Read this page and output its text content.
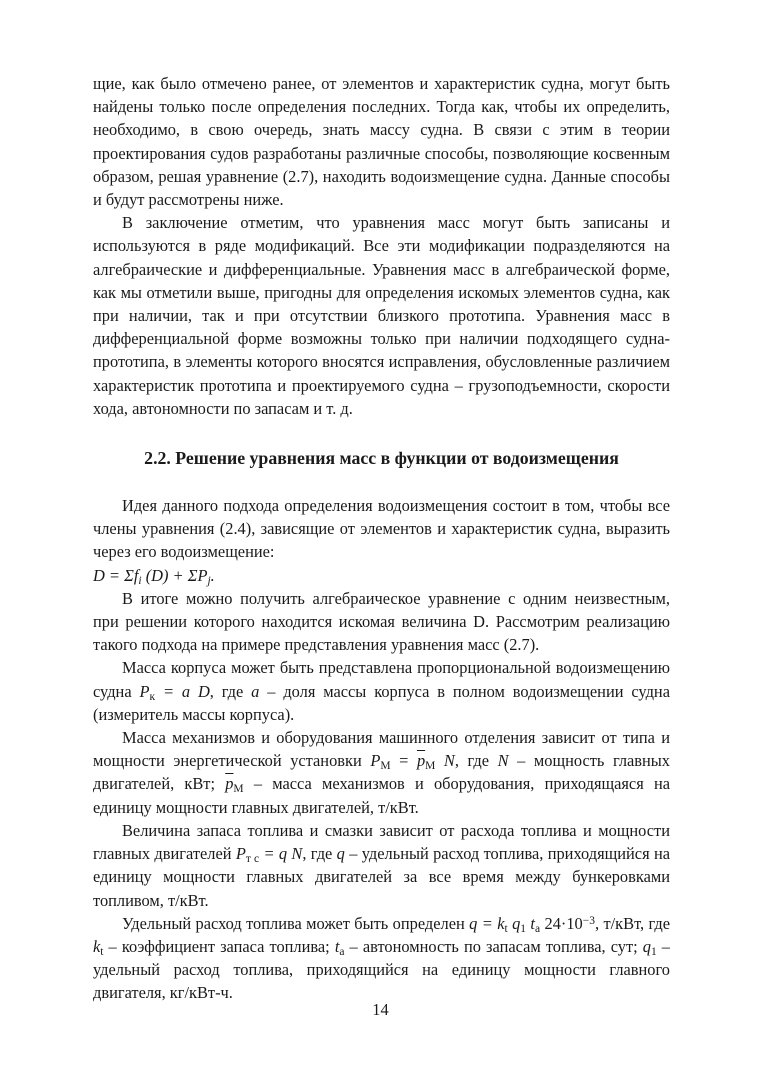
щие, как было отмечено ранее, от элементов и характеристик судна, могут быть найдены только после определения последних. Тогда как, чтобы их определить, необходимо, в свою очередь, знать массу судна. В связи с этим в теории проектирования судов разработаны различные способы, позволяющие косвенным образом, решая уравнение (2.7), находить водоизмещение судна. Данные способы и будут рассмотрены ниже.

В заключение отметим, что уравнения масс могут быть записаны и используются в ряде модификаций. Все эти модификации подразделяются на алгебраические и дифференциальные. Уравнения масс в алгебраической форме, как мы отметили выше, пригодны для определения искомых элементов судна, как при наличии, так и при отсутствии близкого прототипа. Уравнения масс в дифференциальной форме возможны только при наличии подходящего судна-прототипа, в элементы которого вносятся исправления, обусловленные различием характеристик прототипа и проектируемого судна – грузоподъемности, скорости хода, автономности по запасам и т. д.

2.2. Решение уравнения масс в функции от водоизмещения

Идея данного подхода определения водоизмещения состоит в том, чтобы все члены уравнения (2.4), зависящие от элементов и характеристик судна, выразить через его водоизмещение:

$D = \Sigma f_i$ $(D) + \Sigma P_j$.

В итоге можно получить алгебраическое уравнение с одним неизвестным, при решении которого находится искомая величина D. Рассмотрим реализацию такого подхода на примере представления уравнения масс (2.7).

Масса корпуса может быть представлена пропорциональной водоизмещению судна $P_к = a$ D, где a – доля массы корпуса в полном водоизмещении судна (измеритель массы корпуса).

Масса механизмов и оборудования машинного отделения зависит от типа и мощности энергетической установки $P_М = \overline{p}_М$ N, где N – мощность главных двигателей, кВт; $\overline{p}_М$ – масса механизмов и оборудования, приходящаяся на единицу мощности главных двигателей, т/кВт.

Величина запаса топлива и смазки зависит от расхода топлива и мощности главных двигателей $P_{т с} = q$ N, где q – удельный расход топлива, приходящийся на единицу мощности главных двигателей за все время между бункеровками топливом, т/кВт.

Удельный расход топлива может быть определен $q = k_t$ $q_1$ $t_a$ $24\cdot 10^{-3}$, т/кВт, где $k_t$ – коэффициент запаса топлива; $t_a$ – автономность по запасам топлива, сут; $q_1$ – удельный расход топлива, приходящийся на единицу мощности главного двигателя, кг/кВт-ч.

14
